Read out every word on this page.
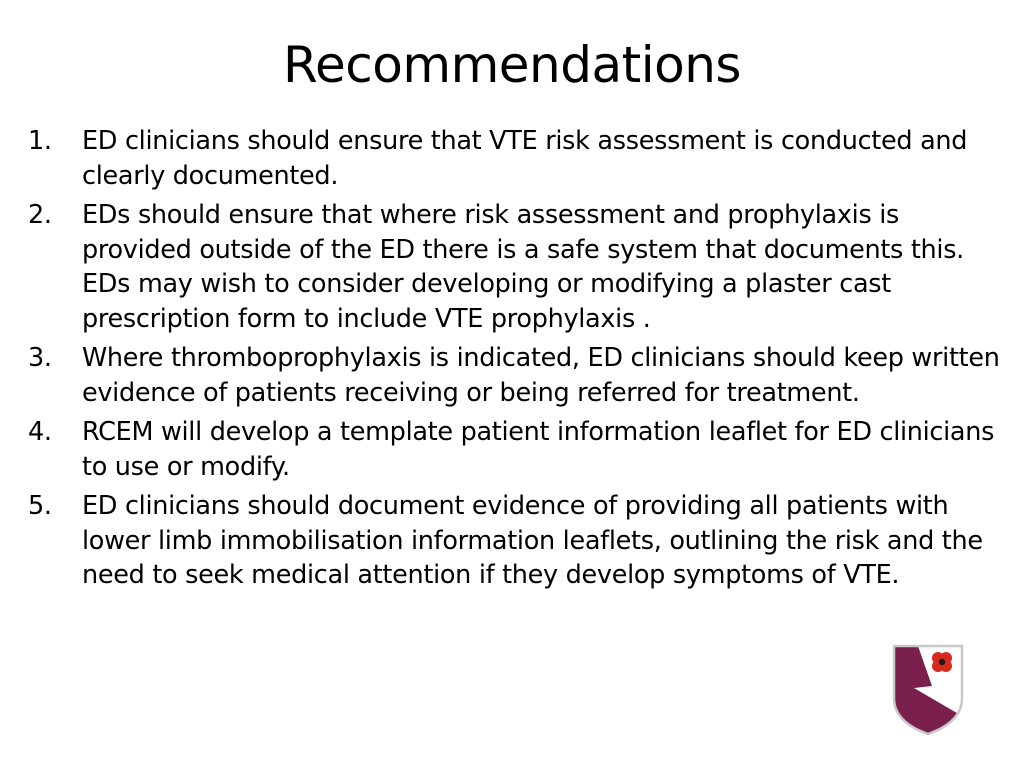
Recommendations
1.	ED clinicians should ensure that VTE risk assessment is conducted and clearly documented.
2.	EDs should ensure that where risk assessment and prophylaxis is provided outside of the ED there is a safe system that documents this. EDs may wish to consider developing or modifying a plaster cast prescription form to include VTE prophylaxis .
3.	Where thromboprophylaxis is indicated, ED clinicians should keep written evidence of patients receiving or being referred for treatment.
4.	RCEM will develop a template patient information leaflet for ED clinicians to use or modify.
5.	ED clinicians should document evidence of providing all patients with lower limb immobilisation information leaflets, outlining the risk and the need to seek medical attention if they develop symptoms of VTE.
